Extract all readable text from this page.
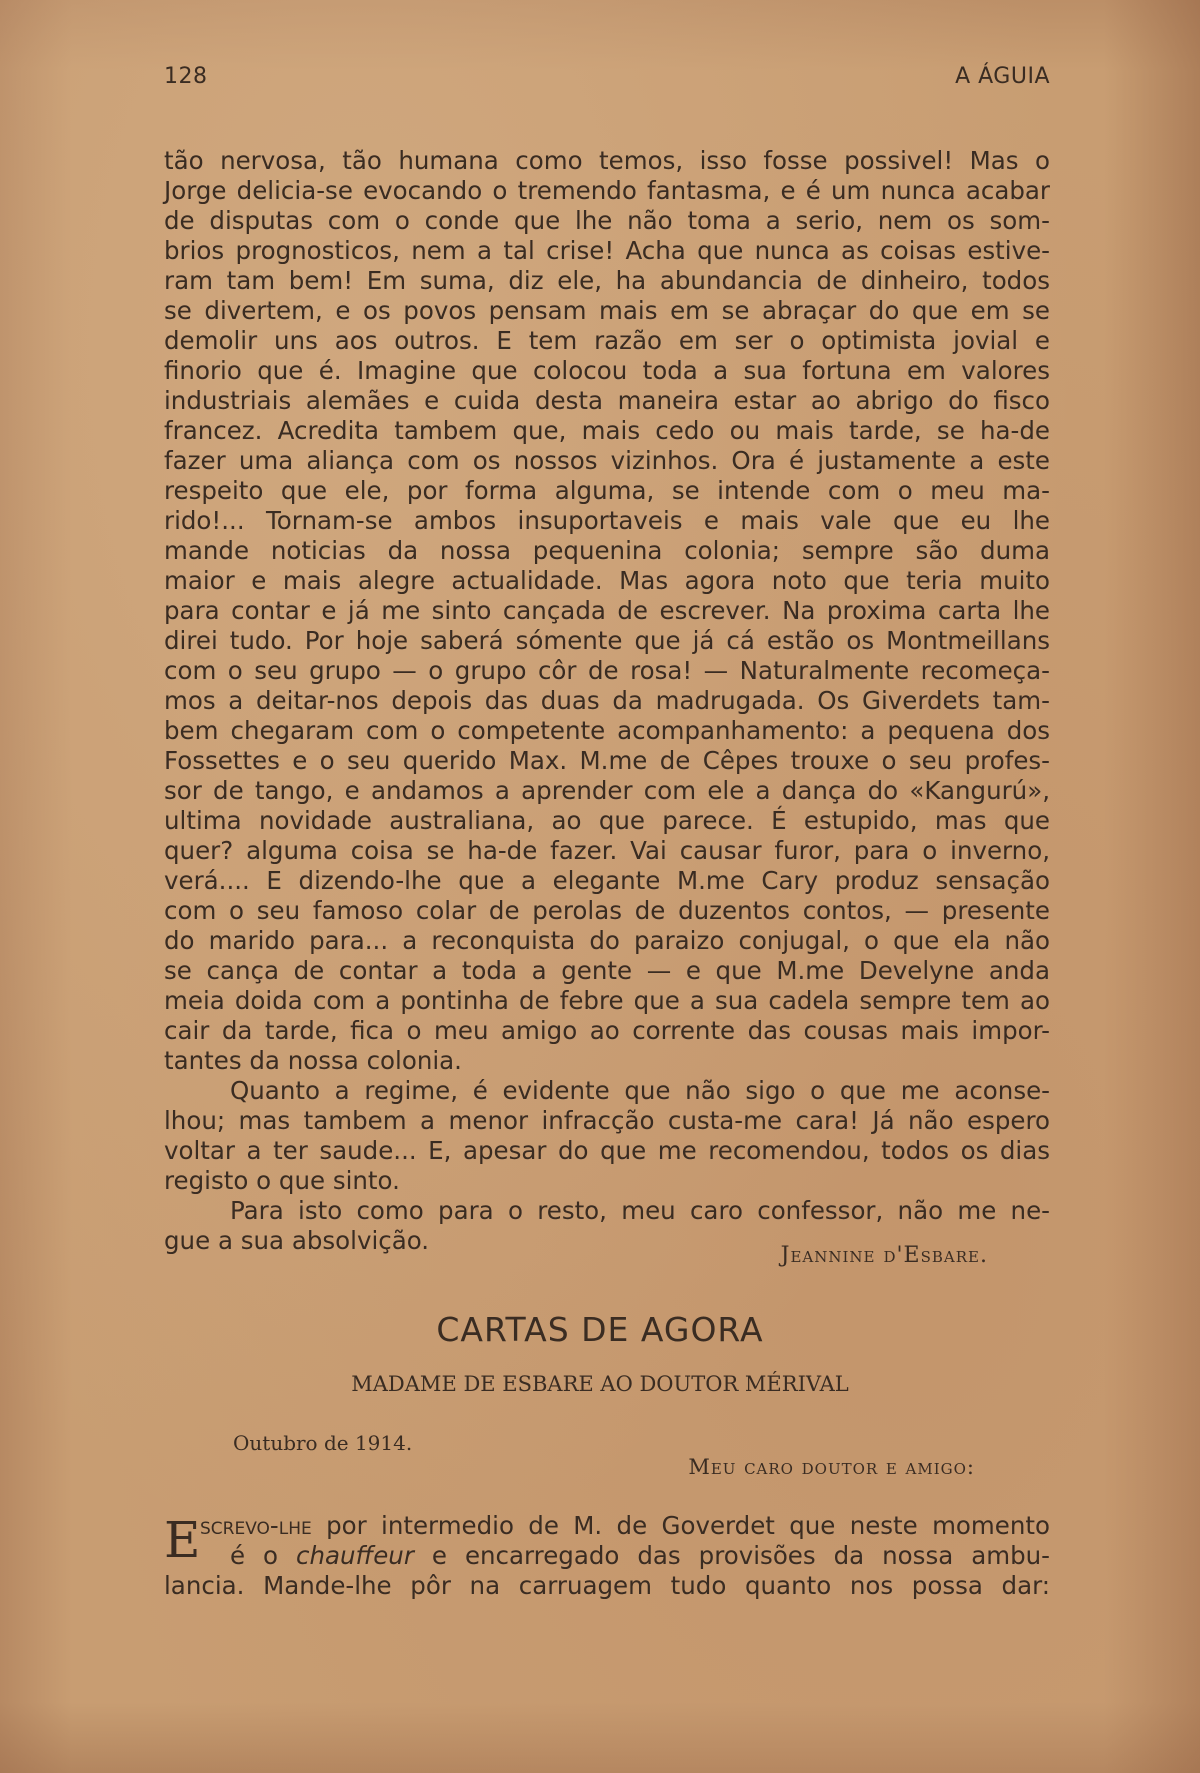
128	A ÁGUIA
tão nervosa, tão humana como temos, isso fosse possivel! Mas o
Jorge delicia-se evocando o tremendo fantasma, e é um nunca acabar
de disputas com o conde que lhe não toma a serio, nem os som-
brios prognosticos, nem a tal crise! Acha que nunca as coisas estive-
ram tam bem! Em suma, diz ele, ha abundancia de dinheiro, todos
se divertem, e os povos pensam mais em se abraçar do que em se
demolir uns aos outros. E tem razão em ser o optimista jovial e
finorio que é. Imagine que colocou toda a sua fortuna em valores
industriais alemães e cuida desta maneira estar ao abrigo do fisco
francez. Acredita tambem que, mais cedo ou mais tarde, se ha-de
fazer uma aliança com os nossos vizinhos. Ora é justamente a este
respeito que ele, por forma alguma, se intende com o meu ma-
rido!... Tornam-se ambos insuportaveis e mais vale que eu lhe
mande noticias da nossa pequenina colonia; sempre são duma
maior e mais alegre actualidade. Mas agora noto que teria muito
para contar e já me sinto cançada de escrever. Na proxima carta lhe
direi tudo. Por hoje saberá sómente que já cá estão os Montmeillans
com o seu grupo — o grupo côr de rosa! — Naturalmente recomeça-
mos a deitar-nos depois das duas da madrugada. Os Giverdets tam-
bem chegaram com o competente acompanhamento: a pequena dos
Fossettes e o seu querido Max. M.me de Cêpes trouxe o seu profes-
sor de tango, e andamos a aprender com ele a dança do «Kangurú»,
ultima novidade australiana, ao que parece. É estupido, mas que
quer? alguma coisa se ha-de fazer. Vai causar furor, para o inverno,
verá.... E dizendo-lhe que a elegante M.me Cary produz sensação
com o seu famoso colar de perolas de duzentos contos, — presente
do marido para... a reconquista do paraizo conjugal, o que ela não
se cança de contar a toda a gente — e que M.me Develyne anda
meia doida com a pontinha de febre que a sua cadela sempre tem ao
cair da tarde, fica o meu amigo ao corrente das cousas mais impor-
tantes da nossa colonia.
Quanto a regime, é evidente que não sigo o que me aconse-
lhou; mas tambem a menor infracção custa-me cara! Já não espero
voltar a ter saude... E, apesar do que me recomendou, todos os dias
registo o que sinto.
Para isto como para o resto, meu caro confessor, não me ne-
gue a sua absolvição.
Jeannine d'Esbare.
CARTAS DE AGORA
MADAME DE ESBARE AO DOUTOR MÉRIVAL
Outubro de 1914.
Meu caro doutor e amigo:
E screvo-lhe por intermedio de M. de Goverdet que neste momento
é o chauffeur e encarregado das provisões da nossa ambu-
lancia. Mande-lhe pôr na carruagem tudo quanto nos possa dar:
